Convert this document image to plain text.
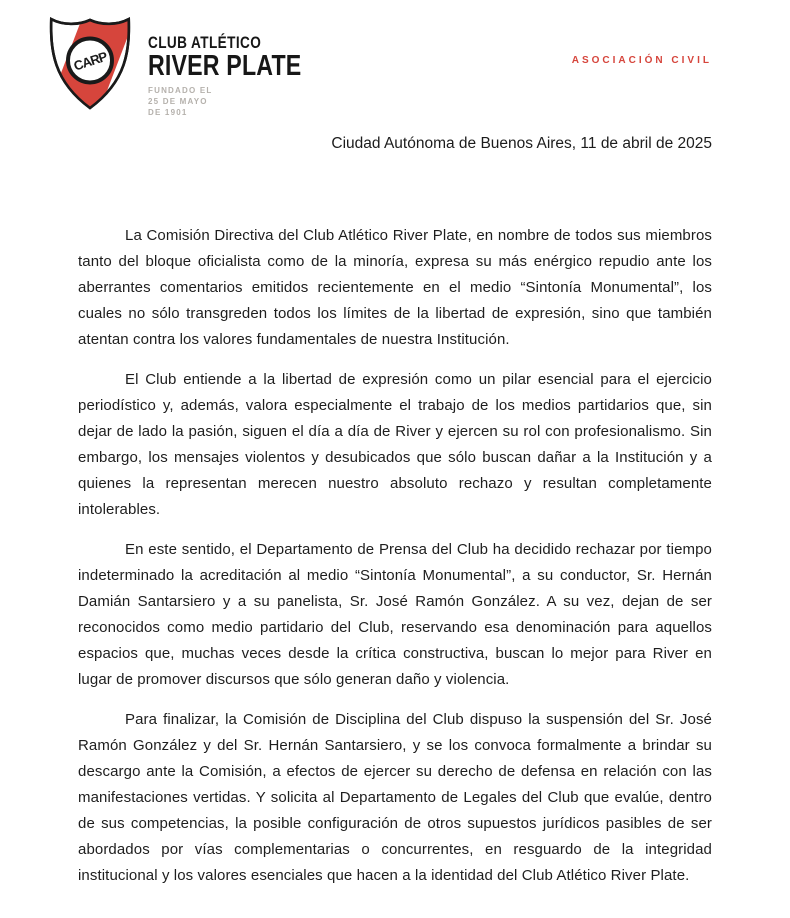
CARP
CLUB ATLÉTICO
RIVER PLATE
FUNDADO EL
25 DE MAYO
DE 1901
ASOCIACIÓN CIVIL

Ciudad Autónoma de Buenos Aires, 11 de abril de 2025

La Comisión Directiva del Club Atlético River Plate, en nombre de todos sus miembros tanto del bloque oficialista como de la minoría, expresa su más enérgico repudio ante los aberrantes comentarios emitidos recientemente en el medio “Sintonía Monumental”, los cuales no sólo transgreden todos los límites de la libertad de expresión, sino que también atentan contra los valores fundamentales de nuestra Institución.

El Club entiende a la libertad de expresión como un pilar esencial para el ejercicio periodístico y, además, valora especialmente el trabajo de los medios partidarios que, sin dejar de lado la pasión, siguen el día a día de River y ejercen su rol con profesionalismo. Sin embargo, los mensajes violentos y desubicados que sólo buscan dañar a la Institución y a quienes la representan merecen nuestro absoluto rechazo y resultan completamente intolerables.

En este sentido, el Departamento de Prensa del Club ha decidido rechazar por tiempo indeterminado la acreditación al medio “Sintonía Monumental”, a su conductor, Sr. Hernán Damián Santarsiero y a su panelista, Sr. José Ramón González. A su vez, dejan de ser reconocidos como medio partidario del Club, reservando esa denominación para aquellos espacios que, muchas veces desde la crítica constructiva, buscan lo mejor para River en lugar de promover discursos que sólo generan daño y violencia.

Para finalizar, la Comisión de Disciplina del Club dispuso la suspensión del Sr. José Ramón González y del Sr. Hernán Santarsiero, y se los convoca formalmente a brindar su descargo ante la Comisión, a efectos de ejercer su derecho de defensa en relación con las manifestaciones vertidas. Y solicita al Departamento de Legales del Club que evalúe, dentro de sus competencias, la posible configuración de otros supuestos jurídicos pasibles de ser abordados por vías complementarias o concurrentes, en resguardo de la integridad institucional y los valores esenciales que hacen a la identidad del Club Atlético River Plate.
